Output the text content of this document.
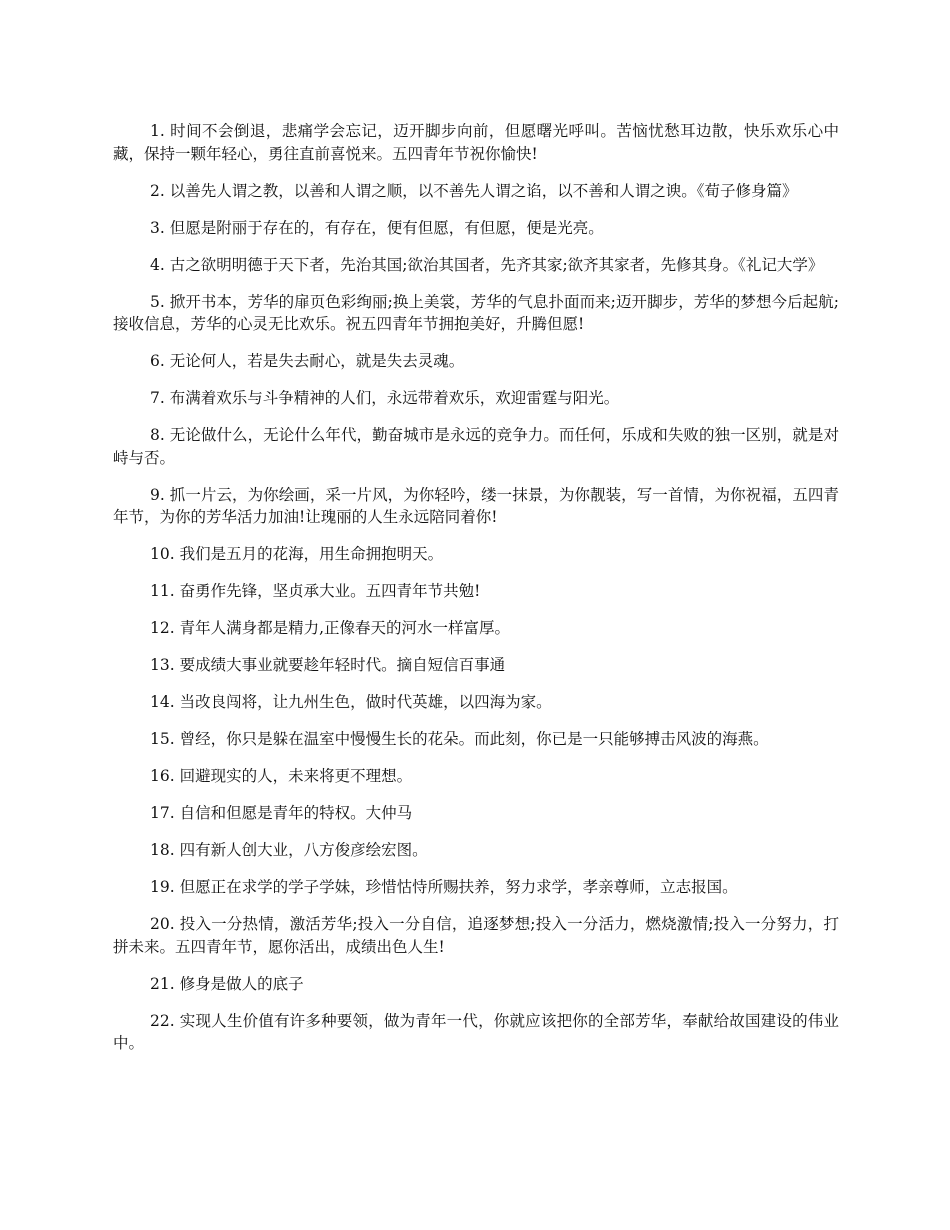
1. 时间不会倒退，悲痛学会忘记，迈开脚步向前，但愿曙光呼叫。苦恼忧愁耳边散，快乐欢乐心中藏，保持一颗年轻心，勇往直前喜悦来。五四青年节祝你愉快!

2. 以善先人谓之教，以善和人谓之顺，以不善先人谓之谄，以不善和人谓之谀。《荀子修身篇》

3. 但愿是附丽于存在的，有存在，便有但愿，有但愿，便是光亮。

4. 古之欲明明德于天下者，先治其国;欲治其国者，先齐其家;欲齐其家者，先修其身。《礼记大学》

5. 掀开书本，芳华的扉页色彩绚丽;换上美裳，芳华的气息扑面而来;迈开脚步，芳华的梦想今后起航;接收信息，芳华的心灵无比欢乐。祝五四青年节拥抱美好，升腾但愿!

6. 无论何人，若是失去耐心，就是失去灵魂。

7. 布满着欢乐与斗争精神的人们，永远带着欢乐，欢迎雷霆与阳光。

8. 无论做什么，无论什么年代，勤奋城市是永远的竞争力。而任何，乐成和失败的独一区别，就是对峙与否。

9. 抓一片云，为你绘画，采一片风，为你轻吟，缕一抹景，为你靓装，写一首情，为你祝福，五四青年节，为你的芳华活力加油!让瑰丽的人生永远陪同着你!

10. 我们是五月的花海，用生命拥抱明天。

11. 奋勇作先锋，坚贞承大业。五四青年节共勉!

12. 青年人满身都是精力,正像春天的河水一样富厚。

13. 要成绩大事业就要趁年轻时代。摘自短信百事通

14. 当改良闯将，让九州生色，做时代英雄，以四海为家。

15. 曾经，你只是躲在温室中慢慢生长的花朵。而此刻，你已是一只能够搏击风波的海燕。

16. 回避现实的人，未来将更不理想。

17. 自信和但愿是青年的特权。大仲马

18. 四有新人创大业，八方俊彦绘宏图。

19. 但愿正在求学的学子学妹，珍惜怙恃所赐扶养，努力求学，孝亲尊师，立志报国。

20. 投入一分热情，激活芳华;投入一分自信，追逐梦想;投入一分活力，燃烧激情;投入一分努力，打拼未来。五四青年节，愿你活出，成绩出色人生!

21. 修身是做人的底子

22. 实现人生价值有许多种要领，做为青年一代，你就应该把你的全部芳华，奉献给故国建设的伟业中。
